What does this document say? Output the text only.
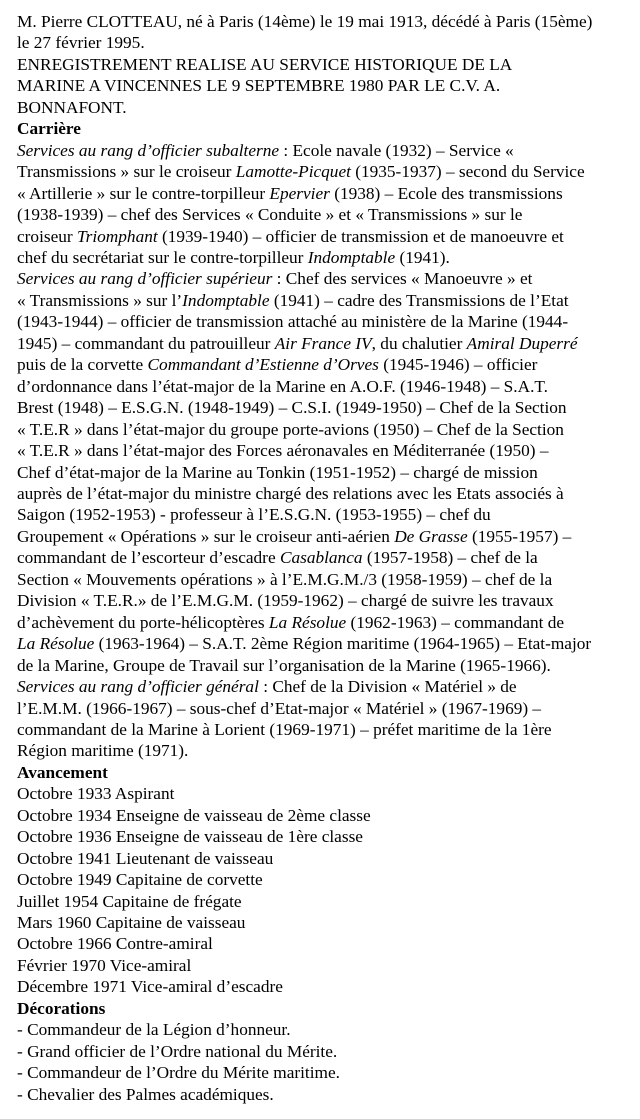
M. Pierre CLOTTEAU, né à Paris (14ème) le 19 mai 1913, décédé à Paris (15ème)
le 27 février 1995.
ENREGISTREMENT REALISE AU SERVICE HISTORIQUE DE LA
MARINE A VINCENNES LE 9 SEPTEMBRE 1980 PAR LE C.V. A.
BONNAFONT.
Carrière
Services au rang d’officier subalterne : Ecole navale (1932) – Service «
Transmissions » sur le croiseur Lamotte-Picquet (1935-1937) – second du Service
« Artillerie » sur le contre-torpilleur Epervier (1938) – Ecole des transmissions
(1938-1939) – chef des Services « Conduite » et « Transmissions » sur le
croiseur Triomphant (1939-1940) – officier de transmission et de manoeuvre et
chef du secrétariat sur le contre-torpilleur Indomptable (1941).
Services au rang d’officier supérieur : Chef des services « Manoeuvre » et
« Transmissions » sur l’Indomptable (1941) – cadre des Transmissions de l’Etat
(1943-1944) – officier de transmission attaché au ministère de la Marine (1944-
1945) – commandant du patrouilleur Air France IV, du chalutier Amiral Duperré
puis de la corvette Commandant d’Estienne d’Orves (1945-1946) – officier
d’ordonnance dans l’état-major de la Marine en A.O.F. (1946-1948) – S.A.T.
Brest (1948) – E.S.G.N. (1948-1949) – C.S.I. (1949-1950) – Chef de la Section
« T.E.R » dans l’état-major du groupe porte-avions (1950) – Chef de la Section
« T.E.R » dans l’état-major des Forces aéronavales en Méditerranée (1950) –
Chef d’état-major de la Marine au Tonkin (1951-1952) – chargé de mission
auprès de l’état-major du ministre chargé des relations avec les Etats associés à
Saigon (1952-1953) - professeur à l’E.S.G.N. (1953-1955) – chef du
Groupement « Opérations » sur le croiseur anti-aérien De Grasse (1955-1957) –
commandant de l’escorteur d’escadre Casablanca (1957-1958) – chef de la
Section « Mouvements opérations » à l’E.M.G.M./3 (1958-1959) – chef de la
Division « T.E.R.» de l’E.M.G.M. (1959-1962) – chargé de suivre les travaux
d’achèvement du porte-hélicoptères La Résolue (1962-1963) – commandant de
La Résolue (1963-1964) – S.A.T. 2ème Région maritime (1964-1965) – Etat-major
de la Marine, Groupe de Travail sur l’organisation de la Marine (1965-1966).
Services au rang d’officier général : Chef de la Division « Matériel » de
l’E.M.M. (1966-1967) – sous-chef d’Etat-major « Matériel » (1967-1969) –
commandant de la Marine à Lorient (1969-1971) – préfet maritime de la 1ère
Région maritime (1971).
Avancement
Octobre 1933 Aspirant
Octobre 1934 Enseigne de vaisseau de 2ème classe
Octobre 1936 Enseigne de vaisseau de 1ère classe
Octobre 1941 Lieutenant de vaisseau
Octobre 1949 Capitaine de corvette
Juillet 1954 Capitaine de frégate
Mars 1960 Capitaine de vaisseau
Octobre 1966 Contre-amiral
Février 1970 Vice-amiral
Décembre 1971 Vice-amiral d’escadre
Décorations
- Commandeur de la Légion d’honneur.
- Grand officier de l’Ordre national du Mérite.
- Commandeur de l’Ordre du Mérite maritime.
- Chevalier des Palmes académiques.
